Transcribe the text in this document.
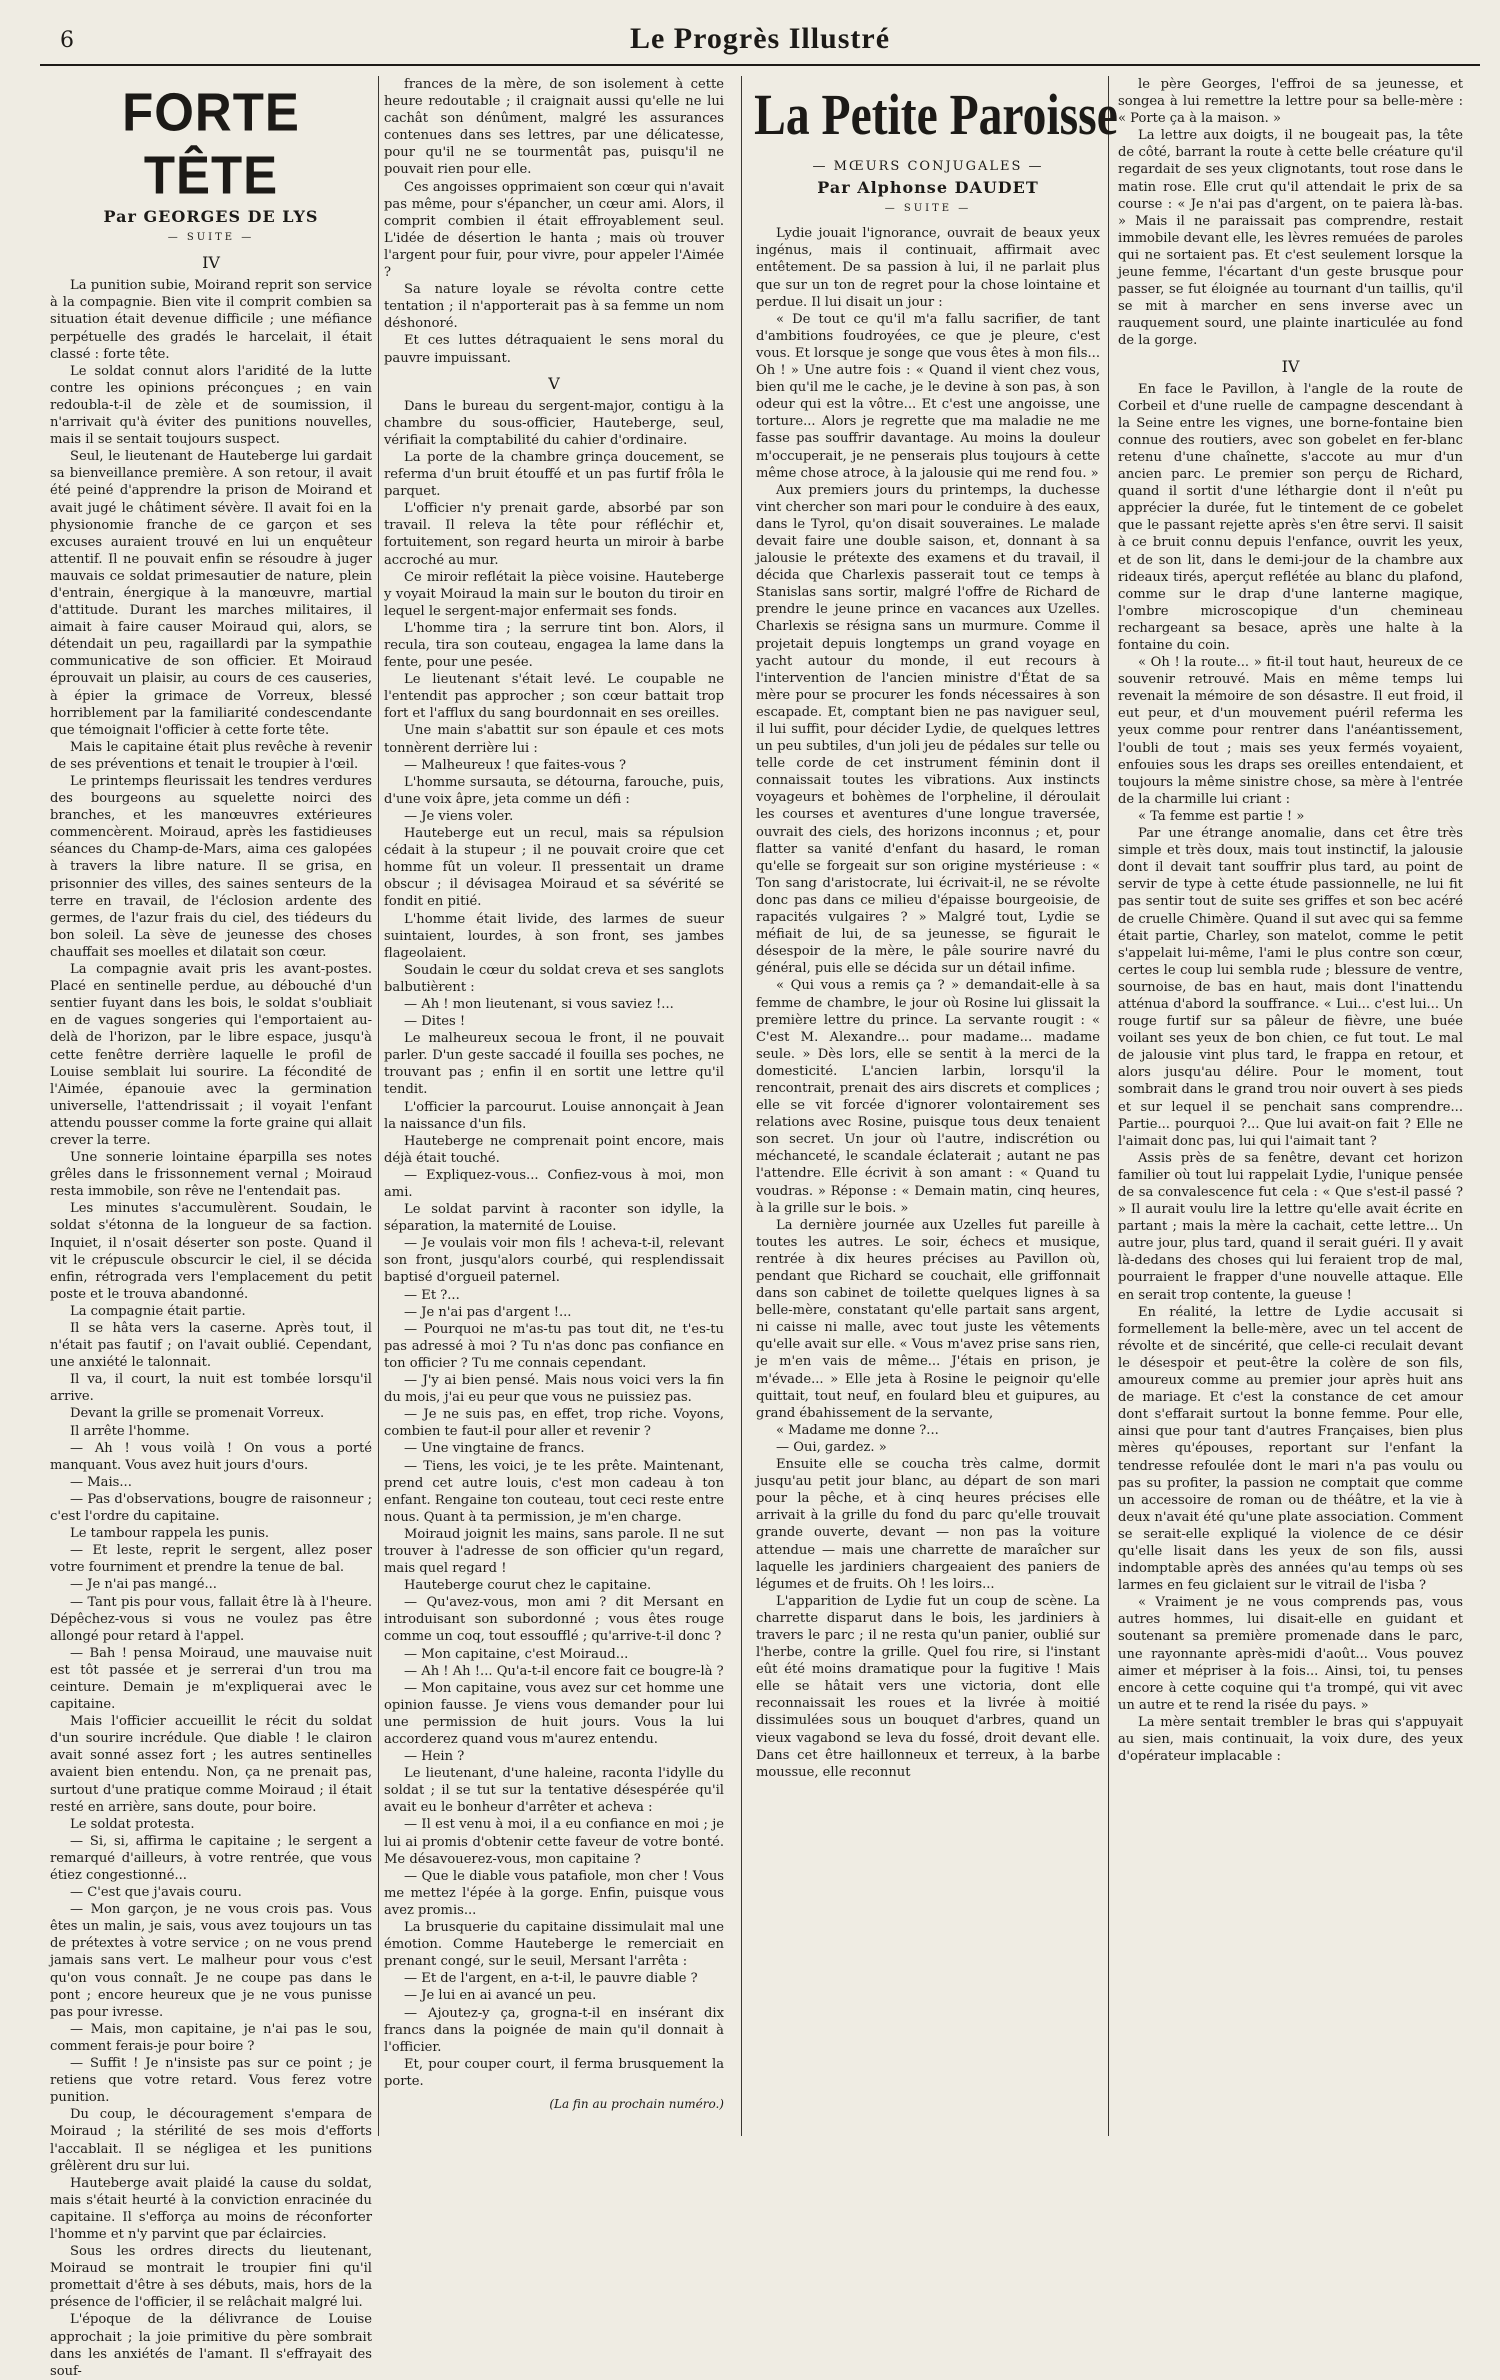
6	Le Progrès Illustré
FORTE TÊTE
Par GEORGES DE LYS
— SUITE —
IV

La punition subie, Moirand reprit son service à la compagnie. Bien vite il comprit combien sa situation était devenue difficile ; une méfiance perpétuelle des gradés le harcelait, il était classé : forte tête.

Le soldat connut alors l'aridité de la lutte contre les opinions préconçues ; en vain redoubla-t-il de zèle et de soumission, il n'arrivait qu'à éviter des punitions nouvelles, mais il se sentait toujours suspect.

Seul, le lieutenant de Hauteberge lui gardait sa bienveillance première. A son retour, il avait été peiné d'apprendre la prison de Moirand et avait jugé le châtiment sévère. Il avait foi en la physionomie franche de ce garçon et ses excuses auraient trouvé en lui un enquêteur attentif. Il ne pouvait enfin se résoudre à juger mauvais ce soldat primesautier de nature, plein d'entrain, énergique à la manœuvre, martial d'attitude. Durant les marches militaires, il aimait à faire causer Moiraud qui, alors, se détendait un peu, ragaillardi par la sympathie communicative de son officier. Et Moiraud éprouvait un plaisir, au cours de ces causeries, à épier la grimace de Vorreux, blessé horriblement par la familiarité condescendante que témoignait l'officier à cette forte tête.

Mais le capitaine était plus revêche à revenir de ses préventions et tenait le troupier à l'œil.

Le printemps fleurissait les tendres verdures des bourgeons au squelette noirci des branches, et les manœuvres extérieures commencèrent. Moiraud, après les fastidieuses séances du Champ-de-Mars, aima ces galopées à travers la libre nature. Il se grisa, en prisonnier des villes, des saines senteurs de la terre en travail, de l'éclosion ardente des germes, de l'azur frais du ciel, des tiédeurs du bon soleil. La sève de jeunesse des choses chauffait ses moelles et dilatait son cœur.

La compagnie avait pris les avant-postes. Placé en sentinelle perdue, au débouché d'un sentier fuyant dans les bois, le soldat s'oubliait en de vagues songeries qui l'emportaient au-delà de l'horizon, par le libre espace, jusqu'à cette fenêtre derrière laquelle le profil de Louise semblait lui sourire. La fécondité de l'Aimée, épanouie avec la germination universelle, l'attendrissait ; il voyait l'enfant attendu pousser comme la forte graine qui allait crever la terre.

Une sonnerie lointaine éparpilla ses notes grêles dans le frissonnement vernal ; Moiraud resta immobile, son rêve ne l'entendait pas.

Les minutes s'accumulèrent. Soudain, le soldat s'étonna de la longueur de sa faction. Inquiet, il n'osait déserter son poste. Quand il vit le crépuscule obscurcir le ciel, il se décida enfin, rétrograda vers l'emplacement du petit poste et le trouva abandonné.

La compagnie était partie.

Il se hâta vers la caserne. Après tout, il n'était pas fautif ; on l'avait oublié. Cependant, une anxiété le talonnait.

Il va, il court, la nuit est tombée lorsqu'il arrive.

Devant la grille se promenait Vorreux.

Il arrête l'homme.

— Ah ! vous voilà ! On vous a porté manquant. Vous avez huit jours d'ours.

— Mais...

— Pas d'observations, bougre de raisonneur ; c'est l'ordre du capitaine.

Le tambour rappela les punis.

— Et leste, reprit le sergent, allez poser votre fourniment et prendre la tenue de bal.

— Je n'ai pas mangé...

— Tant pis pour vous, fallait être là à l'heure. Dépêchez-vous si vous ne voulez pas être allongé pour retard à l'appel.

— Bah ! pensa Moiraud, une mauvaise nuit est tôt passée et je serrerai d'un trou ma ceinture. Demain je m'expliquerai avec le capitaine.

Mais l'officier accueillit le récit du soldat d'un sourire incrédule. Que diable ! le clairon avait sonné assez fort ; les autres sentinelles avaient bien entendu. Non, ça ne prenait pas, surtout d'une pratique comme Moiraud ; il était resté en arrière, sans doute, pour boire.

Le soldat protesta.

— Si, si, affirma le capitaine ; le sergent a remarqué d'ailleurs, à votre rentrée, que vous étiez congestionné...

— C'est que j'avais couru.

— Mon garçon, je ne vous crois pas. Vous êtes un malin, je sais, vous avez toujours un tas de prétextes à votre service ; on ne vous prend jamais sans vert. Le malheur pour vous c'est qu'on vous connaît. Je ne coupe pas dans le pont ; encore heureux que je ne vous punisse pas pour ivresse.

— Mais, mon capitaine, je n'ai pas le sou, comment ferais-je pour boire ?

— Suffit ! Je n'insiste pas sur ce point ; je retiens que votre retard. Vous ferez votre punition.

Du coup, le découragement s'empara de Moiraud ; la stérilité de ses mois d'efforts l'accablait. Il se négligea et les punitions grêlèrent dru sur lui.

Hauteberge avait plaidé la cause du soldat, mais s'était heurté à la conviction enracinée du capitaine. Il s'efforça au moins de réconforter l'homme et n'y parvint que par éclaircies.

Sous les ordres directs du lieutenant, Moiraud se montrait le troupier fini qu'il promettait d'être à ses débuts, mais, hors de la présence de l'officier, il se relâchait malgré lui.

L'époque de la délivrance de Louise approchait ; la joie primitive du père sombrait dans les anxiétés de l'amant. Il s'effrayait des souf-

frances de la mère, de son isolement à cette heure redoutable ; il craignait aussi qu'elle ne lui cachât son dénûment, malgré les assurances contenues dans ses lettres, par une délicatesse, pour qu'il ne se tourmentât pas, puisqu'il ne pouvait rien pour elle.

Ces angoisses opprimaient son cœur qui n'avait pas même, pour s'épancher, un cœur ami. Alors, il comprit combien il était effroyablement seul. L'idée de désertion le hanta ; mais où trouver l'argent pour fuir, pour vivre, pour appeler l'Aimée ?

Sa nature loyale se révolta contre cette tentation ; il n'apporterait pas à sa femme un nom déshonoré.

Et ces luttes détraquaient le sens moral du pauvre impuissant.

V

Dans le bureau du sergent-major, contigu à la chambre du sous-officier, Hauteberge, seul, vérifiait la comptabilité du cahier d'ordinaire.

La porte de la chambre grinça doucement, se referma d'un bruit étouffé et un pas furtif frôla le parquet.

L'officier n'y prenait garde, absorbé par son travail. Il releva la tête pour réfléchir et, fortuitement, son regard heurta un miroir à barbe accroché au mur.

Ce miroir reflétait la pièce voisine. Hauteberge y voyait Moiraud la main sur le bouton du tiroir en lequel le sergent-major enfermait ses fonds.

L'homme tira ; la serrure tint bon. Alors, il recula, tira son couteau, engagea la lame dans la fente, pour une pesée.

Le lieutenant s'était levé. Le coupable ne l'entendit pas approcher ; son cœur battait trop fort et l'afflux du sang bourdonnait en ses oreilles.

Une main s'abattit sur son épaule et ces mots tonnèrent derrière lui :

— Malheureux ! que faites-vous ?

L'homme sursauta, se détourna, farouche, puis, d'une voix âpre, jeta comme un défi :

— Je viens voler.

Hauteberge eut un recul, mais sa répulsion cédait à la stupeur ; il ne pouvait croire que cet homme fût un voleur. Il pressentait un drame obscur ; il dévisagea Moiraud et sa sévérité se fondit en pitié.

L'homme était livide, des larmes de sueur suintaient, lourdes, à son front, ses jambes flageolaient.

Soudain le cœur du soldat creva et ses sanglots balbutièrent :

— Ah ! mon lieutenant, si vous saviez !...

— Dites !

Le malheureux secoua le front, il ne pouvait parler. D'un geste saccadé il fouilla ses poches, ne trouvant pas ; enfin il en sortit une lettre qu'il tendit.

L'officier la parcourut. Louise annonçait à Jean la naissance d'un fils.

Hauteberge ne comprenait point encore, mais déjà était touché.

— Expliquez-vous... Confiez-vous à moi, mon ami.

Le soldat parvint à raconter son idylle, la séparation, la maternité de Louise.

— Je voulais voir mon fils ! acheva-t-il, relevant son front, jusqu'alors courbé, qui resplendissait baptisé d'orgueil paternel.

— Et ?...

— Je n'ai pas d'argent !...

— Pourquoi ne m'as-tu pas tout dit, ne t'es-tu pas adressé à moi ? Tu n'as donc pas confiance en ton officier ? Tu me connais cependant.

— J'y ai bien pensé. Mais nous voici vers la fin du mois, j'ai eu peur que vous ne puissiez pas.

— Je ne suis pas, en effet, trop riche. Voyons, combien te faut-il pour aller et revenir ?

— Une vingtaine de francs.

— Tiens, les voici, je te les prête. Maintenant, prend cet autre louis, c'est mon cadeau à ton enfant. Rengaine ton couteau, tout ceci reste entre nous. Quant à ta permission, je m'en charge.

Moiraud joignit les mains, sans parole. Il ne sut trouver à l'adresse de son officier qu'un regard, mais quel regard !

Hauteberge courut chez le capitaine.

— Qu'avez-vous, mon ami ? dit Mersant en introduisant son subordonné ; vous êtes rouge comme un coq, tout essoufflé ; qu'arrive-t-il donc ?

— Mon capitaine, c'est Moiraud...

— Ah ! Ah !... Qu'a-t-il encore fait ce bougre-là ?

— Mon capitaine, vous avez sur cet homme une opinion fausse. Je viens vous demander pour lui une permission de huit jours. Vous la lui accorderez quand vous m'aurez entendu.

— Hein ?

Le lieutenant, d'une haleine, raconta l'idylle du soldat ; il se tut sur la tentative désespérée qu'il avait eu le bonheur d'arrêter et acheva :

— Il est venu à moi, il a eu confiance en moi ; je lui ai promis d'obtenir cette faveur de votre bonté. Me désavouerez-vous, mon capitaine ?

— Que le diable vous patafiole, mon cher ! Vous me mettez l'épée à la gorge. Enfin, puisque vous avez promis...

La brusquerie du capitaine dissimulait mal une émotion. Comme Hauteberge le remerciait en prenant congé, sur le seuil, Mersant l'arrêta :

— Et de l'argent, en a-t-il, le pauvre diable ?

— Je lui en ai avancé un peu.

— Ajoutez-y ça, grogna-t-il en insérant dix francs dans la poignée de main qu'il donnait à l'officier.

Et, pour couper court, il ferma brusquement la porte.

(La fin au prochain numéro.)
La Petite Paroisse
— MŒURS CONJUGALES —
Par Alphonse DAUDET
— SUITE —

Lydie jouait l'ignorance, ouvrait de beaux yeux ingénus, mais il continuait, affirmait avec entêtement. De sa passion à lui, il ne parlait plus que sur un ton de regret pour la chose lointaine et perdue. Il lui disait un jour :

« De tout ce qu'il m'a fallu sacrifier, de tant d'ambitions foudroyées, ce que je pleure, c'est vous. Et lorsque je songe que vous êtes à mon fils... Oh ! » Une autre fois : « Quand il vient chez vous, bien qu'il me le cache, je le devine à son pas, à son odeur qui est la vôtre... Et c'est une angoisse, une torture... Alors je regrette que ma maladie ne me fasse pas souffrir davantage. Au moins la douleur m'occuperait, je ne penserais plus toujours à cette même chose atroce, à la jalousie qui me rend fou. »

Aux premiers jours du printemps, la duchesse vint chercher son mari pour le conduire à des eaux, dans le Tyrol, qu'on disait souveraines. Le malade devait faire une double saison, et, donnant à sa jalousie le prétexte des examens et du travail, il décida que Charlexis passerait tout ce temps à Stanislas sans sortir, malgré l'offre de Richard de prendre le jeune prince en vacances aux Uzelles. Charlexis se résigna sans un murmure. Comme il projetait depuis longtemps un grand voyage en yacht autour du monde, il eut recours à l'intervention de l'ancien ministre d'État de sa mère pour se procurer les fonds nécessaires à son escapade. Et, comptant bien ne pas naviguer seul, il lui suffit, pour décider Lydie, de quelques lettres un peu subtiles, d'un joli jeu de pédales sur telle ou telle corde de cet instrument féminin dont il connaissait toutes les vibrations. Aux instincts voyageurs et bohèmes de l'orpheline, il déroulait les courses et aventures d'une longue traversée, ouvrait des ciels, des horizons inconnus ; et, pour flatter sa vanité d'enfant du hasard, le roman qu'elle se forgeait sur son origine mystérieuse : « Ton sang d'aristocrate, lui écrivait-il, ne se révolte donc pas dans ce milieu d'épaisse bourgeoisie, de rapacités vulgaires ? » Malgré tout, Lydie se méfiait de lui, de sa jeunesse, se figurait le désespoir de la mère, le pâle sourire navré du général, puis elle se décida sur un détail infime.

« Qui vous a remis ça ? » demandait-elle à sa femme de chambre, le jour où Rosine lui glissait la première lettre du prince. La servante rougit : « C'est M. Alexandre... pour madame... madame seule. » Dès lors, elle se sentit à la merci de la domesticité. L'ancien larbin, lorsqu'il la rencontrait, prenait des airs discrets et complices ; elle se vit forcée d'ignorer volontairement ses relations avec Rosine, puisque tous deux tenaient son secret. Un jour où l'autre, indiscrétion ou méchanceté, le scandale éclaterait ; autant ne pas l'attendre. Elle écrivit à son amant : « Quand tu voudras. » Réponse : « Demain matin, cinq heures, à la grille sur le bois. »

La dernière journée aux Uzelles fut pareille à toutes les autres. Le soir, échecs et musique, rentrée à dix heures précises au Pavillon où, pendant que Richard se couchait, elle griffonnait dans son cabinet de toilette quelques lignes à sa belle-mère, constatant qu'elle partait sans argent, ni caisse ni malle, avec tout juste les vêtements qu'elle avait sur elle. « Vous m'avez prise sans rien, je m'en vais de même... J'étais en prison, je m'évade... » Elle jeta à Rosine le peignoir qu'elle quittait, tout neuf, en foulard bleu et guipures, au grand ébahissement de la servante,

« Madame me donne ?...

— Oui, gardez. »

Ensuite elle se coucha très calme, dormit jusqu'au petit jour blanc, au départ de son mari pour la pêche, et à cinq heures précises elle arrivait à la grille du fond du parc qu'elle trouvait grande ouverte, devant — non pas la voiture attendue — mais une charrette de maraîcher sur laquelle les jardiniers chargeaient des paniers de légumes et de fruits. Oh ! les loirs...

L'apparition de Lydie fut un coup de scène. La charrette disparut dans le bois, les jardiniers à travers le parc ; il ne resta qu'un panier, oublié sur l'herbe, contre la grille. Quel fou rire, si l'instant eût été moins dramatique pour la fugitive ! Mais elle se hâtait vers une victoria, dont elle reconnaissait les roues et la livrée à moitié dissimulées sous un bouquet d'arbres, quand un vieux vagabond se leva du fossé, droit devant elle. Dans cet être haillonneux et terreux, à la barbe moussue, elle reconnut

le père Georges, l'effroi de sa jeunesse, et songea à lui remettre la lettre pour sa belle-mère : « Porte ça à la maison. »

La lettre aux doigts, il ne bougeait pas, la tête de côté, barrant la route à cette belle créature qu'il regardait de ses yeux clignotants, tout rose dans le matin rose. Elle crut qu'il attendait le prix de sa course : « Je n'ai pas d'argent, on te paiera là-bas. » Mais il ne paraissait pas comprendre, restait immobile devant elle, les lèvres remuées de paroles qui ne sortaient pas. Et c'est seulement lorsque la jeune femme, l'écartant d'un geste brusque pour passer, se fut éloignée au tournant d'un taillis, qu'il se mit à marcher en sens inverse avec un rauquement sourd, une plainte inarticulée au fond de la gorge.

IV

En face le Pavillon, à l'angle de la route de Corbeil et d'une ruelle de campagne descendant à la Seine entre les vignes, une borne-fontaine bien connue des routiers, avec son gobelet en fer-blanc retenu d'une chaînette, s'accote au mur d'un ancien parc. Le premier son perçu de Richard, quand il sortit d'une léthargie dont il n'eût pu apprécier la durée, fut le tintement de ce gobelet que le passant rejette après s'en être servi. Il saisit à ce bruit connu depuis l'enfance, ouvrit les yeux, et de son lit, dans le demi-jour de la chambre aux rideaux tirés, aperçut reflétée au blanc du plafond, comme sur le drap d'une lanterne magique, l'ombre microscopique d'un chemineau rechargeant sa besace, après une halte à la fontaine du coin.

« Oh ! la route... » fit-il tout haut, heureux de ce souvenir retrouvé. Mais en même temps lui revenait la mémoire de son désastre. Il eut froid, il eut peur, et d'un mouvement puéril referma les yeux comme pour rentrer dans l'anéantissement, l'oubli de tout ; mais ses yeux fermés voyaient, enfouies sous les draps ses oreilles entendaient, et toujours la même sinistre chose, sa mère à l'entrée de la charmille lui criant :

« Ta femme est partie ! »

Par une étrange anomalie, dans cet être très simple et très doux, mais tout instinctif, la jalousie dont il devait tant souffrir plus tard, au point de servir de type à cette étude passionnelle, ne lui fit pas sentir tout de suite ses griffes et son bec acéré de cruelle Chimère. Quand il sut avec qui sa femme était partie, Charley, son matelot, comme le petit s'appelait lui-même, l'ami le plus contre son cœur, certes le coup lui sembla rude ; blessure de ventre, sournoise, de bas en haut, mais dont l'inattendu atténua d'abord la souffrance. « Lui... c'est lui... Un rouge furtif sur sa pâleur de fièvre, une buée voilant ses yeux de bon chien, ce fut tout. Le mal de jalousie vint plus tard, le frappa en retour, et alors jusqu'au délire. Pour le moment, tout sombrait dans le grand trou noir ouvert à ses pieds et sur lequel il se penchait sans comprendre... Partie... pourquoi ?... Que lui avait-on fait ? Elle ne l'aimait donc pas, lui qui l'aimait tant ?

Assis près de sa fenêtre, devant cet horizon familier où tout lui rappelait Lydie, l'unique pensée de sa convalescence fut cela : « Que s'est-il passé ? » Il aurait voulu lire la lettre qu'elle avait écrite en partant ; mais la mère la cachait, cette lettre... Un autre jour, plus tard, quand il serait guéri. Il y avait là-dedans des choses qui lui feraient trop de mal, pourraient le frapper d'une nouvelle attaque. Elle en serait trop contente, la gueuse !

En réalité, la lettre de Lydie accusait si formellement la belle-mère, avec un tel accent de révolte et de sincérité, que celle-ci reculait devant le désespoir et peut-être la colère de son fils, amoureux comme au premier jour après huit ans de mariage. Et c'est la constance de cet amour dont s'effarait surtout la bonne femme. Pour elle, ainsi que pour tant d'autres Françaises, bien plus mères qu'épouses, reportant sur l'enfant la tendresse refoulée dont le mari n'a pas voulu ou pas su profiter, la passion ne comptait que comme un accessoire de roman ou de théâtre, et la vie à deux n'avait été qu'une plate association. Comment se serait-elle expliqué la violence de ce désir qu'elle lisait dans les yeux de son fils, aussi indomptable après des années qu'au temps où ses larmes en feu giclaient sur le vitrail de l'isba ?

« Vraiment je ne vous comprends pas, vous autres hommes, lui disait-elle en guidant et soutenant sa première promenade dans le parc, une rayonnante après-midi d'août... Vous pouvez aimer et mépriser à la fois... Ainsi, toi, tu penses encore à cette coquine qui t'a trompé, qui vit avec un autre et te rend la risée du pays. »

La mère sentait trembler le bras qui s'appuyait au sien, mais continuait, la voix dure, des yeux d'opérateur implacable :
